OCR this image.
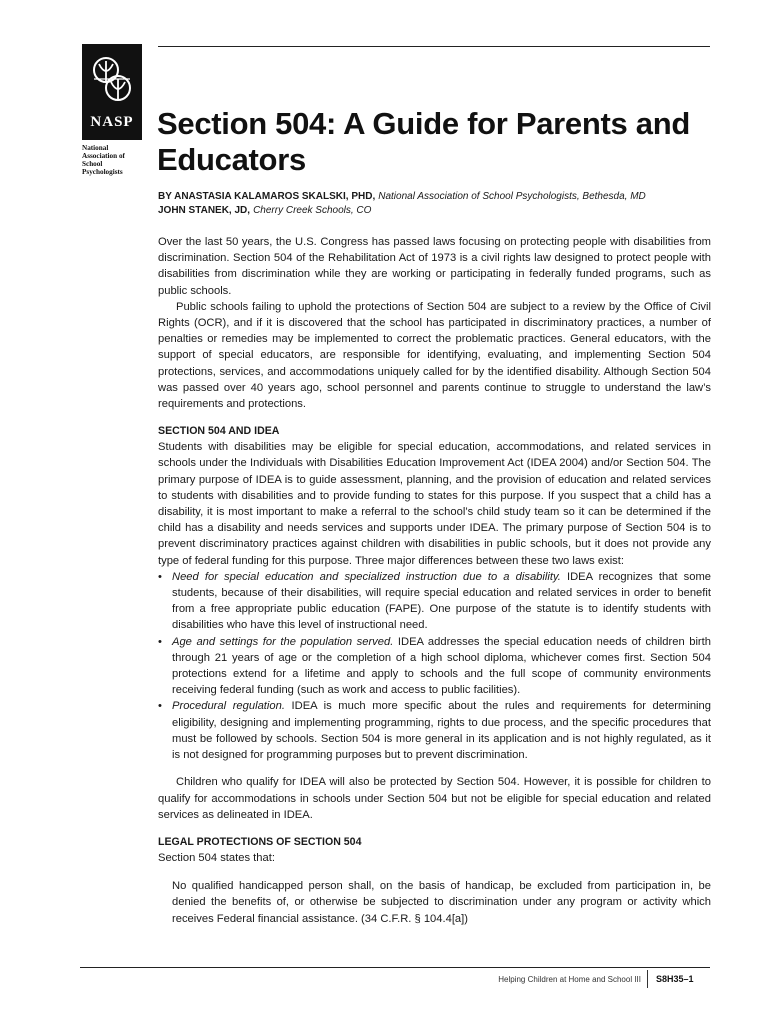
NASP
National
Association of
School
Psychologists
Section 504: A Guide for Parents and Educators
BY ANASTASIA KALAMAROS SKALSKI, PHD, National Association of School Psychologists, Bethesda, MD
JOHN STANEK, JD, Cherry Creek Schools, CO

Over the last 50 years, the U.S. Congress has passed laws focusing on protecting people with disabilities from discrimination. Section 504 of the Rehabilitation Act of 1973 is a civil rights law designed to protect people with disabilities from discrimination while they are working or participating in federally funded programs, such as public schools.

Public schools failing to uphold the protections of Section 504 are subject to a review by the Office of Civil Rights (OCR), and if it is discovered that the school has participated in discriminatory practices, a number of penalties or remedies may be implemented to correct the problematic practices. General educators, with the support of special educators, are responsible for identifying, evaluating, and implementing Section 504 protections, services, and accommodations uniquely called for by the identified disability. Although Section 504 was passed over 40 years ago, school personnel and parents continue to struggle to understand the law’s requirements and protections.

SECTION 504 AND IDEA

Students with disabilities may be eligible for special education, accommodations, and related services in schools under the Individuals with Disabilities Education Improvement Act (IDEA 2004) and/or Section 504. The primary purpose of IDEA is to guide assessment, planning, and the provision of education and related services to students with disabilities and to provide funding to states for this purpose. If you suspect that a child has a disability, it is most important to make a referral to the school’s child study team so it can be determined if the child has a disability and needs services and supports under IDEA. The primary purpose of Section 504 is to prevent discriminatory practices against children with disabilities in public schools, but it does not provide any type of federal funding for this purpose. Three major differences between these two laws exist:

• Need for special education and specialized instruction due to a disability. IDEA recognizes that some students, because of their disabilities, will require special education and related services in order to benefit from a free appropriate public education (FAPE). One purpose of the statute is to identify students with disabilities who have this level of instructional need.
• Age and settings for the population served. IDEA addresses the special education needs of children birth through 21 years of age or the completion of a high school diploma, whichever comes first. Section 504 protections extend for a lifetime and apply to schools and the full scope of community environments receiving federal funding (such as work and access to public facilities).
• Procedural regulation. IDEA is much more specific about the rules and requirements for determining eligibility, designing and implementing programming, rights to due process, and the specific procedures that must be followed by schools. Section 504 is more general in its application and is not highly regulated, as it is not designed for programming purposes but to prevent discrimination.

Children who qualify for IDEA will also be protected by Section 504. However, it is possible for children to qualify for accommodations in schools under Section 504 but not be eligible for special education and related services as delineated in IDEA.

LEGAL PROTECTIONS OF SECTION 504

Section 504 states that:

No qualified handicapped person shall, on the basis of handicap, be excluded from participation in, be denied the benefits of, or otherwise be subjected to discrimination under any program or activity which receives Federal financial assistance. (34 C.F.R. § 104.4[a])

Helping Children at Home and School III S8H35–1
